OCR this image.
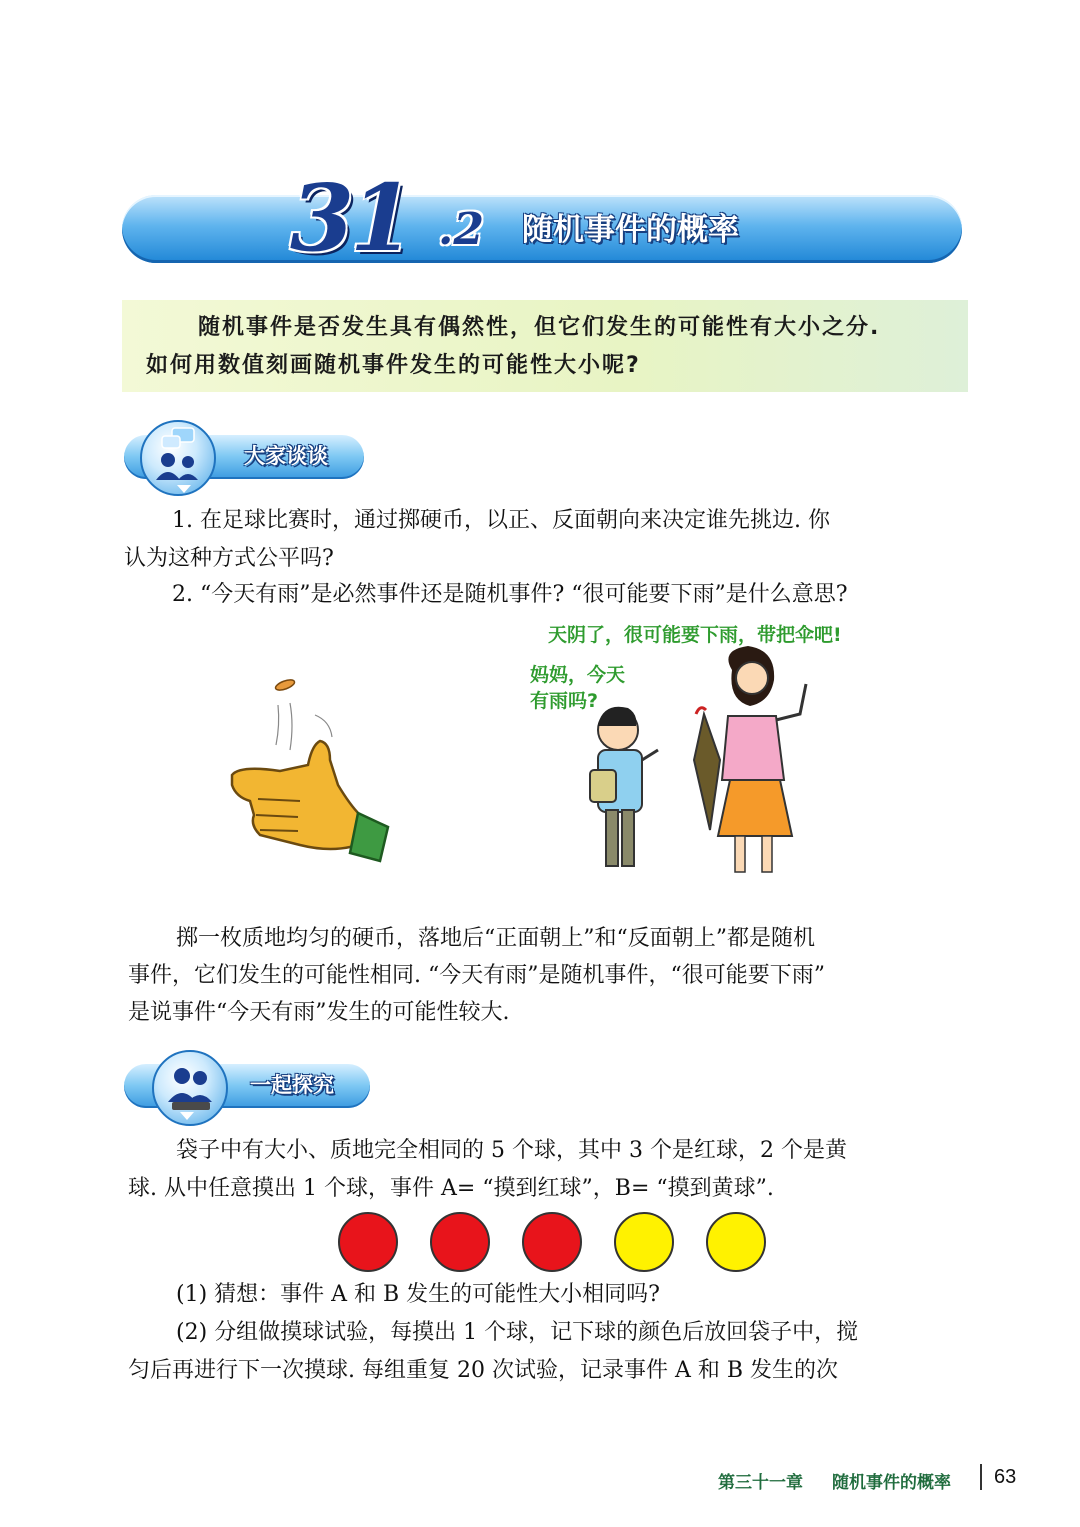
31 .2 随机事件的概率
随机事件是否发生具有偶然性，但它们发生的可能性有大小之分.
如何用数值刻画随机事件发生的可能性大小呢?
大家谈谈
1. 在足球比赛时，通过掷硬币，以正、反面朝向来决定谁先挑边. 你
认为这种方式公平吗?
2. “今天有雨”是必然事件还是随机事件? “很可能要下雨”是什么意思?
天阴了，很可能要下雨，带把伞吧!
妈妈，今天
有雨吗?
掷一枚质地均匀的硬币，落地后“正面朝上”和“反面朝上”都是随机
事件，它们发生的可能性相同. “今天有雨”是随机事件，“很可能要下雨”
是说事件“今天有雨”发生的可能性较大.
一起探究
袋子中有大小、质地完全相同的 5 个球，其中 3 个是红球，2 个是黄
球. 从中任意摸出 1 个球，事件 A= “摸到红球”，B= “摸到黄球”.
(1) 猜想：事件 A 和 B 发生的可能性大小相同吗?
(2) 分组做摸球试验，每摸出 1 个球，记下球的颜色后放回袋子中，搅
匀后再进行下一次摸球. 每组重复 20 次试验，记录事件 A 和 B 发生的次
第三十一章 随机事件的概率 63
